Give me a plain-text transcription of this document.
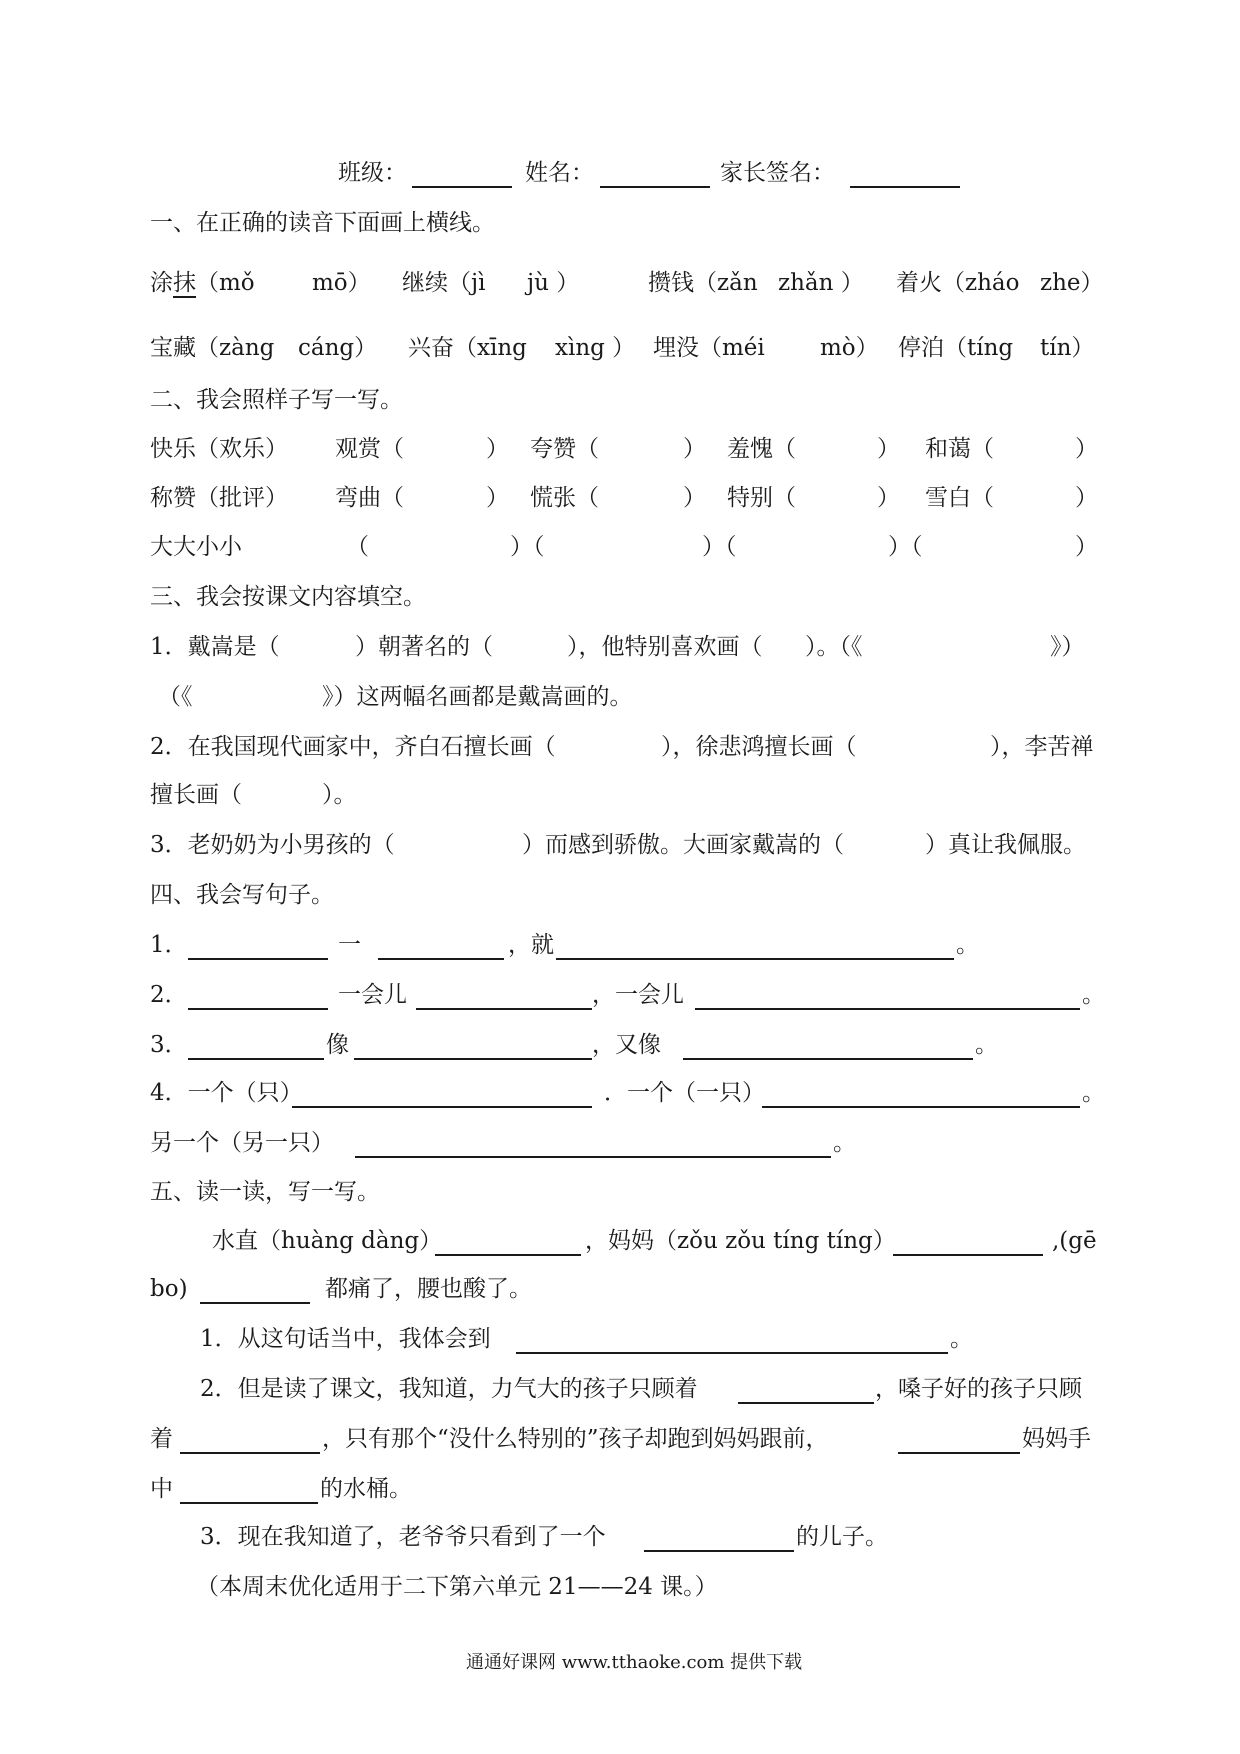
班级：	姓名：	家长签名：
一、在正确的读音下面画上横线。
涂抹（mǒ mō） 继续（jì jù ）	攒钱（zǎn zhǎn ） 着火（zháo zhe）
宝藏（zàng cáng） 兴奋（xīng xìng ） 埋没（méi mò） 停泊（tíng tín）
二、我会照样子写一写。
快乐（欢乐） 观赏（	） 夸赞（	） 羞愧（	） 和蔼（	）
称赞（批评） 弯曲（	） 慌张（	） 特别（	） 雪白（	）
大大小小	（	）（	）（	）（	）
三、我会按课文内容填空。
1．戴嵩是（	）朝著名的（	），他特别喜欢画（ ）。（《	》）
（《	》）这两幅名画都是戴嵩画的。
2．在我国现代画家中，齐白石擅长画（	），徐悲鸿擅长画（	），李苦禅
擅长画（	）。
3．老奶奶为小男孩的（	）而感到骄傲。大画家戴嵩的（	）真让我佩服。
四、我会写句子。
1．	一	，就	。
2．	一会儿	，一会儿	。
3．	像	，又像	。
4．一个（只）	．一个（一只）	。
另一个（另一只）	。
五、读一读，写一写。
水直（huàng dàng）	，妈妈（zǒu zǒu tíng tíng）	,(gē
bo)	都痛了，腰也酸了。
1．从这句话当中，我体会到	。
2．但是读了课文，我知道，力气大的孩子只顾着	，嗓子好的孩子只顾
着	，只有那个“没什么特别的”孩子却跑到妈妈跟前，	妈妈手
中	的水桶。
3．现在我知道了，老爷爷只看到了一个	的儿子。
（本周末优化适用于二下第六单元 21——24 课。）
通通好课网 www.tthaoke.com 提供下载
